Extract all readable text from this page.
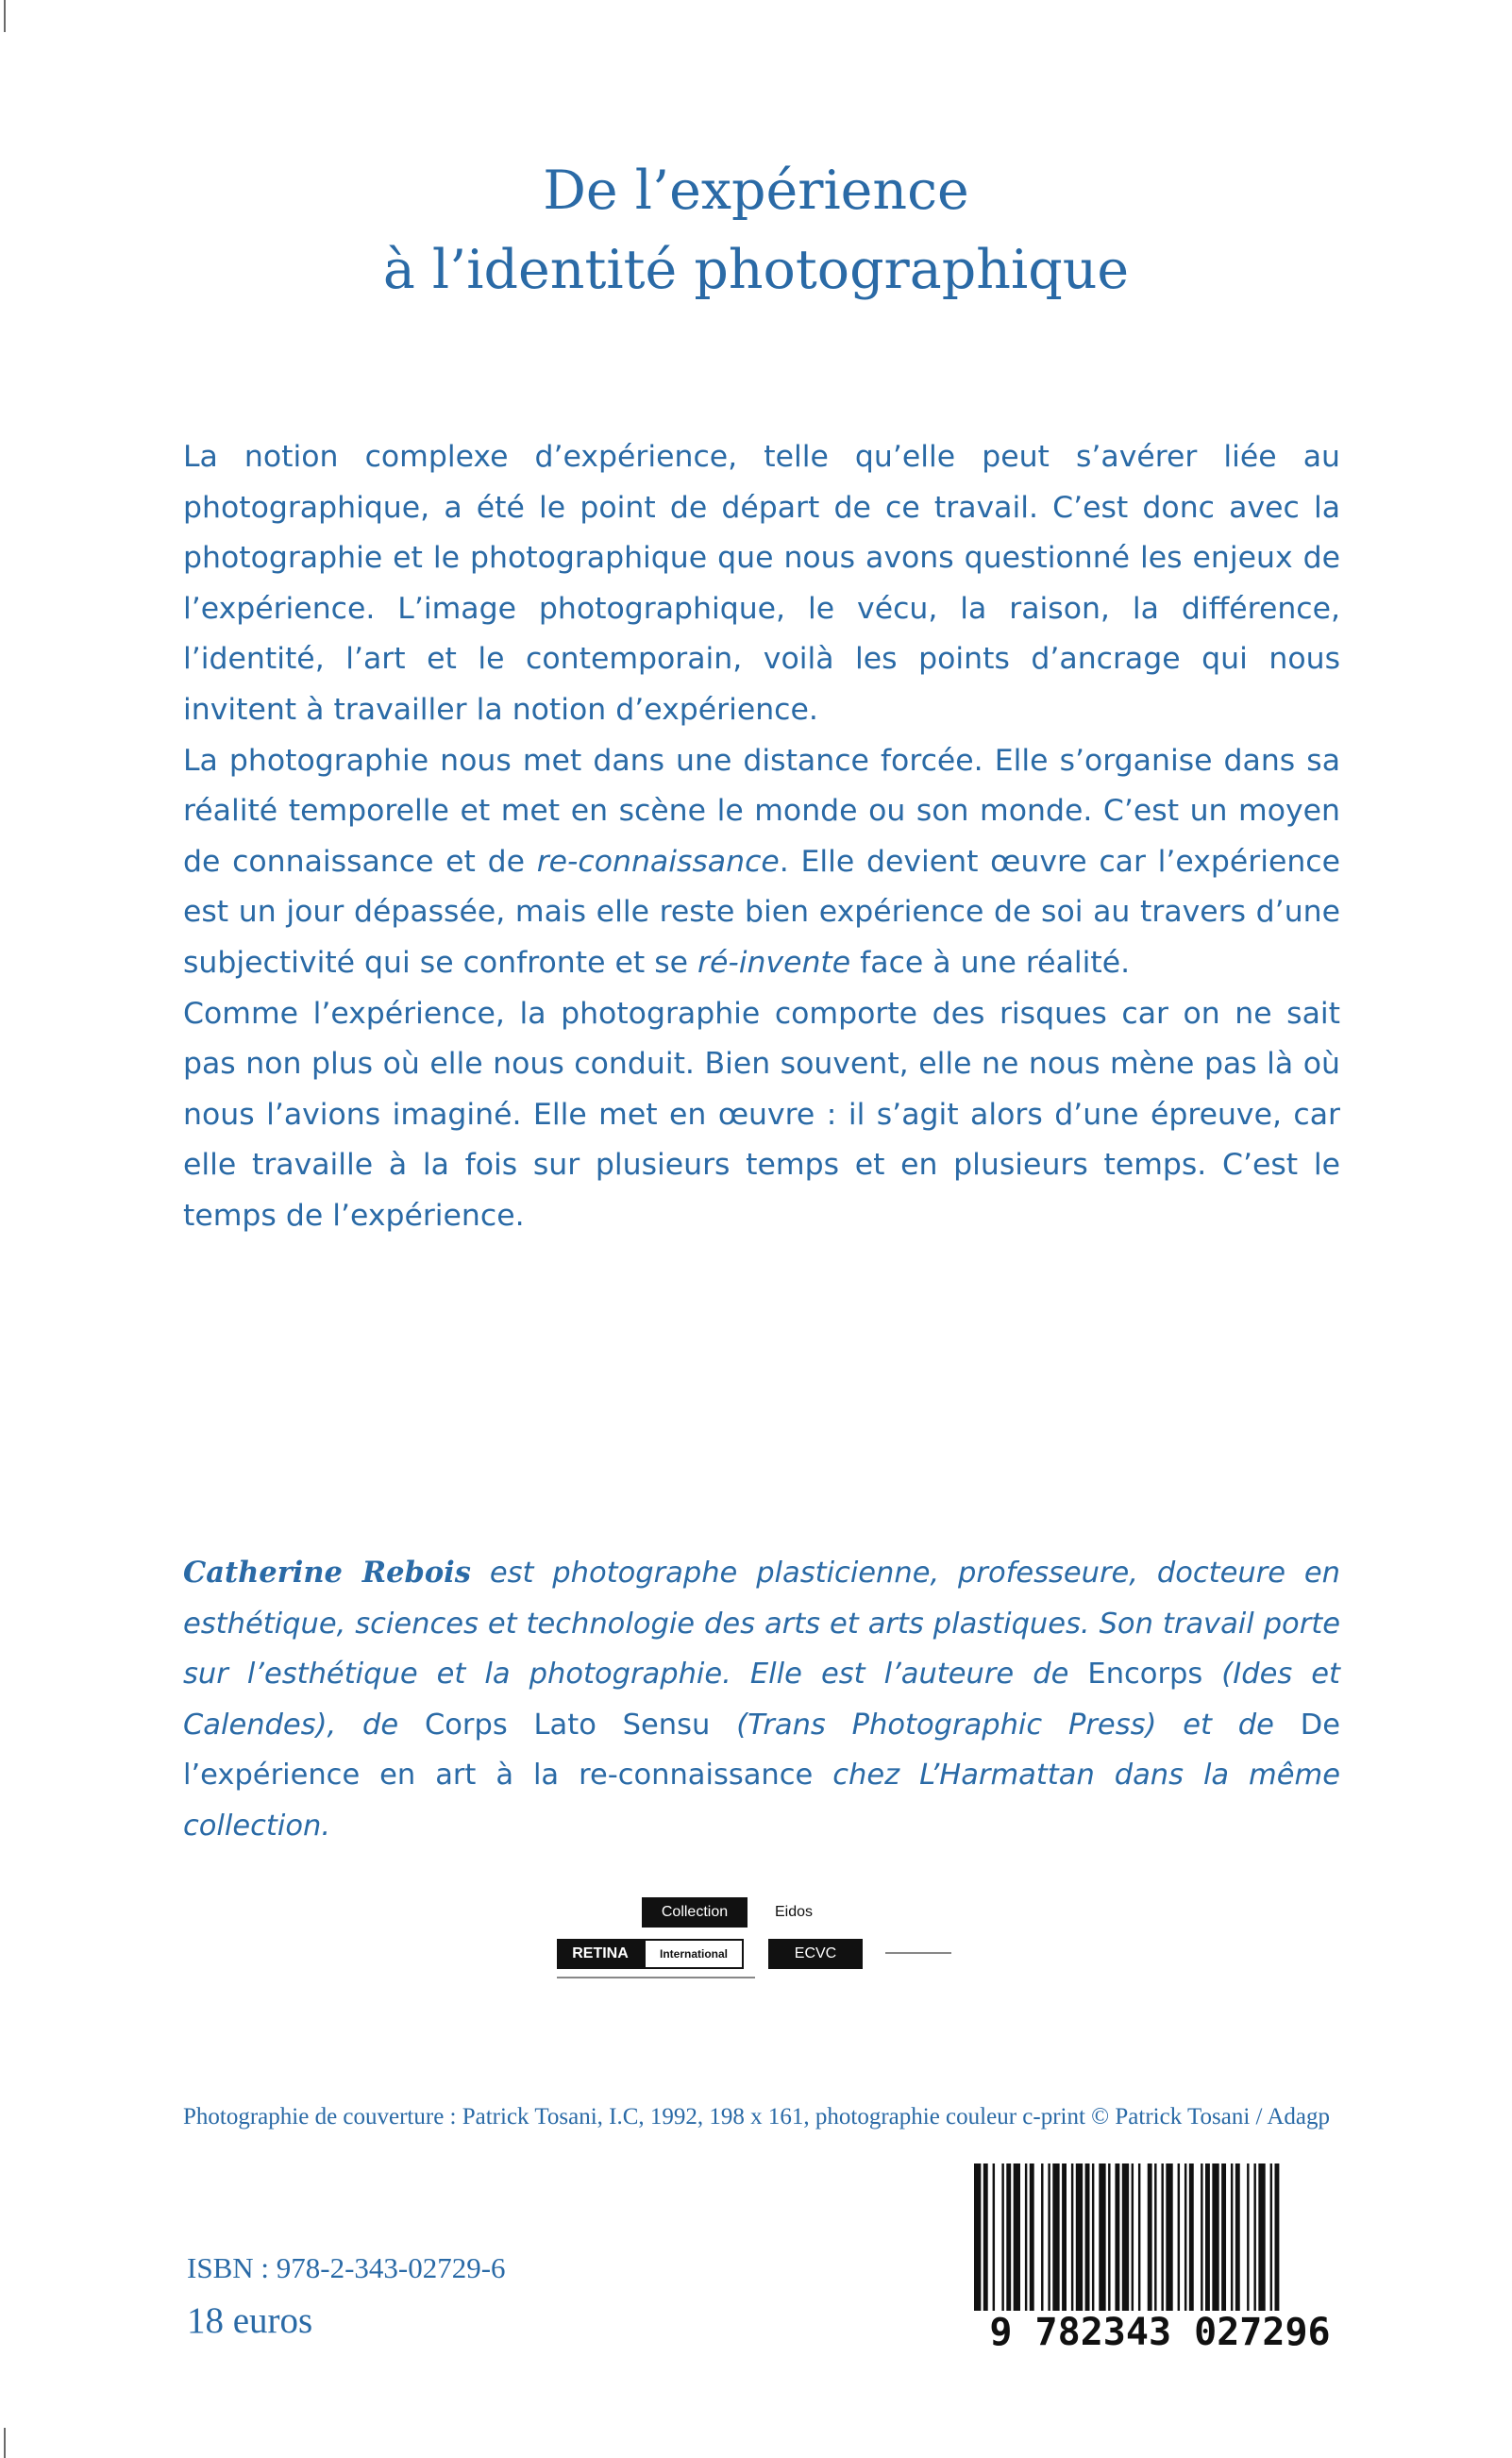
De l’expérience
à l’identité photographique

La notion complexe d’expérience, telle qu’elle peut s’avérer liée au photographique, a été le point de départ de ce travail. C’est donc avec la photographie et le photographique que nous avons questionné les enjeux de l’expérience. L’image photographique, le vécu, la raison, la différence, l’identité, l’art et le contemporain, voilà les points d’ancrage qui nous invitent à travailler la notion d’expérience.

La photographie nous met dans une distance forcée. Elle s’organise dans sa réalité temporelle et met en scène le monde ou son monde. C’est un moyen de connaissance et de re-connaissance. Elle devient œuvre car l’expérience est un jour dépassée, mais elle reste bien expérience de soi au travers d’une subjectivité qui se confronte et se ré-invente face à une réalité.

Comme l’expérience, la photographie comporte des risques car on ne sait pas non plus où elle nous conduit. Bien souvent, elle ne nous mène pas là où nous l’avions imaginé. Elle met en œuvre : il s’agit alors d’une épreuve, car elle travaille à la fois sur plusieurs temps et en plusieurs temps. C’est le temps de l’expérience.

Catherine Rebois est photographe plasticienne, professeure, docteure en esthétique, sciences et technologie des arts et arts plastiques. Son travail porte sur l’esthétique et la photographie. Elle est l’auteure de Encorps (Ides et Calendes), de Corps Lato Sensu (Trans Photographic Press) et de De l’expérience en art à la re-connaissance chez L’Harmattan dans la même collection.

Collection	Eidos
RETINA	International	ECVC

Photographie de couverture : Patrick Tosani, I.C, 1992, 198 x 161, photographie couleur c-print © Patrick Tosani / Adagp

ISBN : 978-2-343-02729-6
18 euros	9 782343 027296
